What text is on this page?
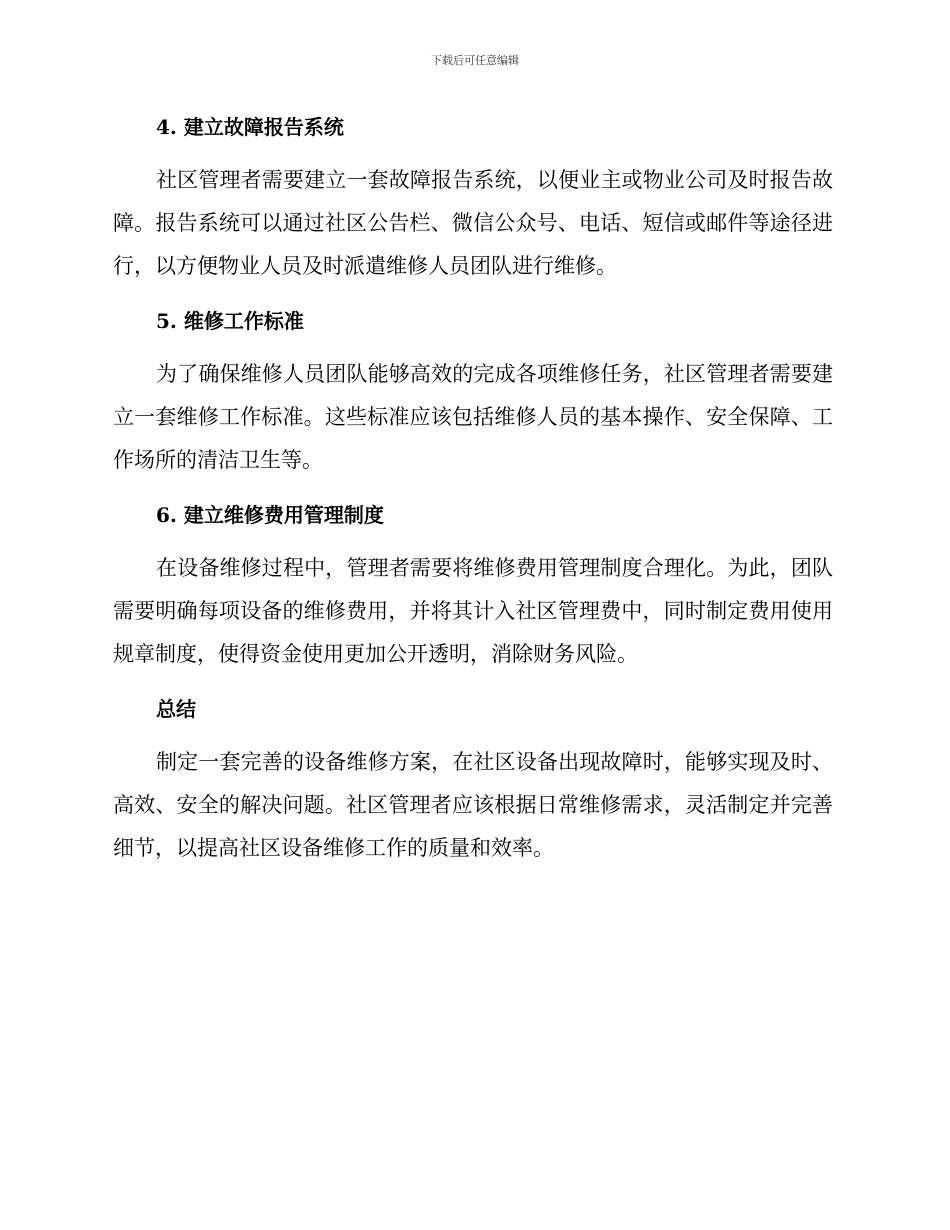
下载后可任意编辑
4. 建立故障报告系统

社区管理者需要建立一套故障报告系统，以便业主或物业公司及时报告故障。报告系统可以通过社区公告栏、微信公众号、电话、短信或邮件等途径进行，以方便物业人员及时派遣维修人员团队进行维修。

5. 维修工作标准

为了确保维修人员团队能够高效的完成各项维修任务，社区管理者需要建立一套维修工作标准。这些标准应该包括维修人员的基本操作、安全保障、工作场所的清洁卫生等。

6. 建立维修费用管理制度

在设备维修过程中，管理者需要将维修费用管理制度合理化。为此，团队需要明确每项设备的维修费用，并将其计入社区管理费中，同时制定费用使用规章制度，使得资金使用更加公开透明，消除财务风险。

总结

制定一套完善的设备维修方案，在社区设备出现故障时，能够实现及时、高效、安全的解决问题。社区管理者应该根据日常维修需求，灵活制定并完善细节，以提高社区设备维修工作的质量和效率。
